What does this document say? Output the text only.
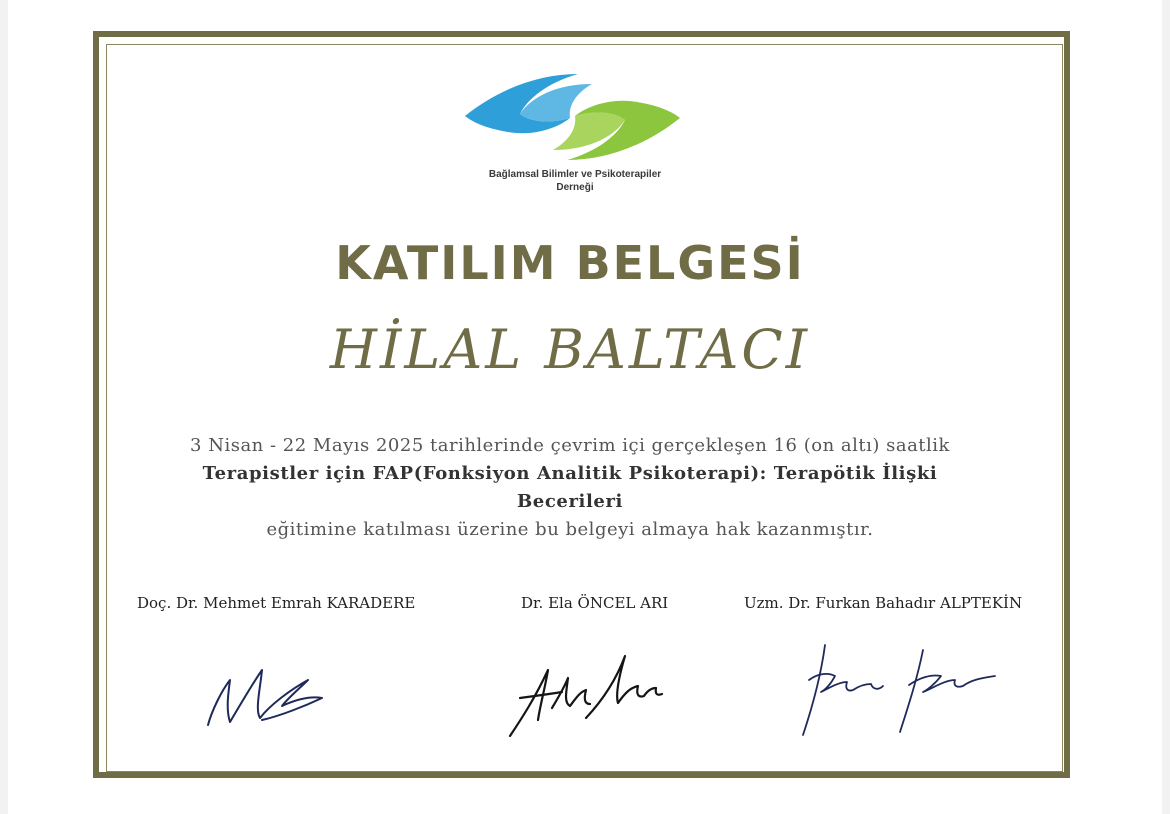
Bağlamsal Bilimler ve Psikoterapiler
Derneği
KATILIM BELGESİ
HİLAL BALTACI
3 Nisan - 22 Mayıs 2025 tarihlerinde çevrim içi gerçekleşen 16 (on altı) saatlik
Terapistler için FAP(Fonksiyon Analitik Psikoterapi): Terapötik İlişki
Becerileri
eğitimine katılması üzerine bu belgeyi almaya hak kazanmıştır.
Doç. Dr. Mehmet Emrah KARADERE	Dr. Ela ÖNCEL ARI	Uzm. Dr. Furkan Bahadır ALPTEKİN
